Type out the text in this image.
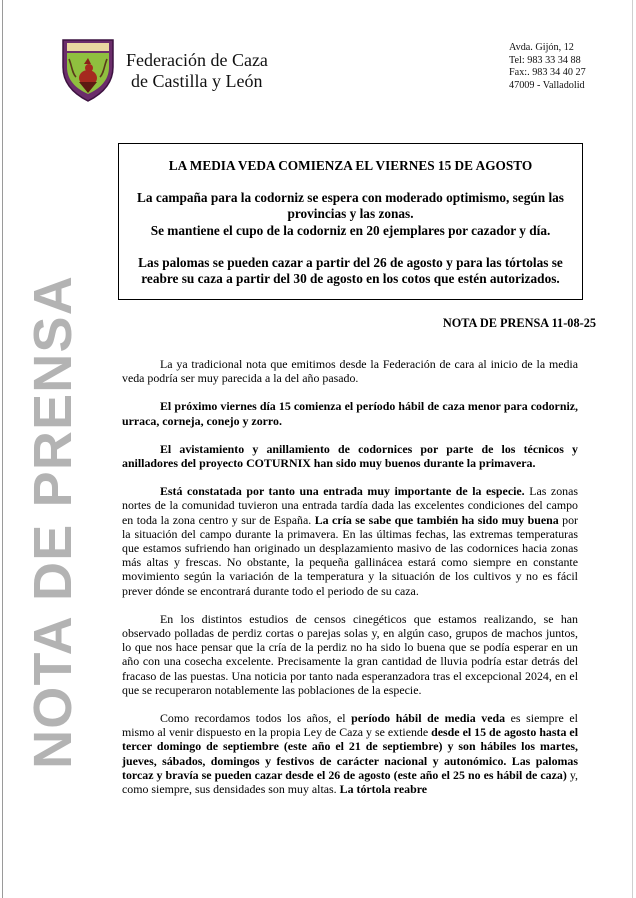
Federación de Caza
de Castilla y León
Avda. Gijón, 12
Tel: 983 33 34 88
Fax:. 983 34 40 27
47009 - Valladolid

LA MEDIA VEDA COMIENZA EL VIERNES 15 DE AGOSTO

La campaña para la codorniz se espera con moderado optimismo, según las provincias y las zonas.

Se mantiene el cupo de la codorniz en 20 ejemplares por cazador y día.

Las palomas se pueden cazar a partir del 26 de agosto y para las tórtolas se reabre su caza a partir del 30 de agosto en los cotos que estén autorizados.

NOTA DE PRENSA 11-08-25
NOTA DE PRENSA	La ya tradicional nota que emitimos desde la Federación de cara al inicio de la media veda podría ser muy parecida a la del año pasado.

El próximo viernes día 15 comienza el período hábil de caza menor para codorniz, urraca, corneja, conejo y zorro.

El avistamiento y anillamiento de codornices por parte de los técnicos y anilladores del proyecto COTURNIX han sido muy buenos durante la primavera.

Está constatada por tanto una entrada muy importante de la especie. Las zonas nortes de la comunidad tuvieron una entrada tardía dada las excelentes condiciones del campo en toda la zona centro y sur de España. La cría se sabe que también ha sido muy buena por la situación del campo durante la primavera. En las últimas fechas, las extremas temperaturas que estamos sufriendo han originado un desplazamiento masivo de las codornices hacia zonas más altas y frescas. No obstante, la pequeña gallinácea estará como siempre en constante movimiento según la variación de la temperatura y la situación de los cultivos y no es fácil prever dónde se encontrará durante todo el periodo de su caza.

En los distintos estudios de censos cinegéticos que estamos realizando, se han observado polladas de perdiz cortas o parejas solas y, en algún caso, grupos de machos juntos, lo que nos hace pensar que la cría de la perdiz no ha sido lo buena que se podía esperar en un año con una cosecha excelente. Precisamente la gran cantidad de lluvia podría estar detrás del fracaso de las puestas. Una noticia por tanto nada esperanzadora tras el excepcional 2024, en el que se recuperaron notablemente las poblaciones de la especie.

Como recordamos todos los años, el período hábil de media veda es siempre el mismo al venir dispuesto en la propia Ley de Caza y se extiende desde el 15 de agosto hasta el tercer domingo de septiembre (este año el 21 de septiembre) y son hábiles los martes, jueves, sábados, domingos y festivos de carácter nacional y autonómico. Las palomas torcaz y bravía se pueden cazar desde el 26 de agosto (este año el 25 no es hábil de caza) y, como siempre, sus densidades son muy altas. La tórtola reabre
